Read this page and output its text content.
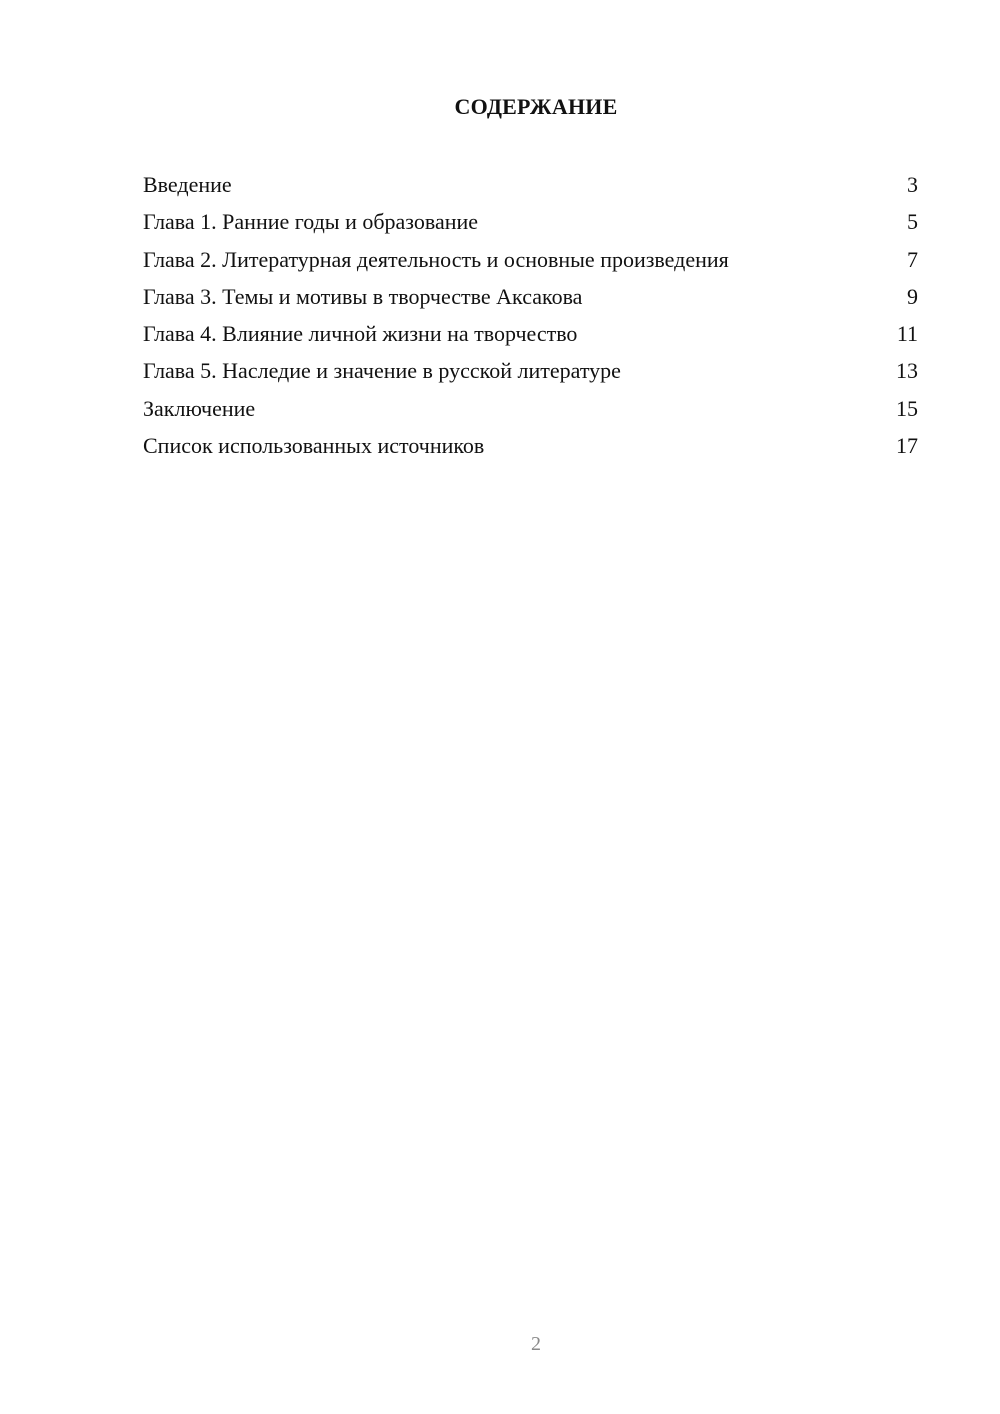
СОДЕРЖАНИЕ
Введение	3
Глава 1. Ранние годы и образование	5
Глава 2. Литературная деятельность и основные произведения	7
Глава 3. Темы и мотивы в творчестве Аксакова	9
Глава 4. Влияние личной жизни на творчество	11
Глава 5. Наследие и значение в русской литературе	13
Заключение	15
Список использованных источников	17
2
